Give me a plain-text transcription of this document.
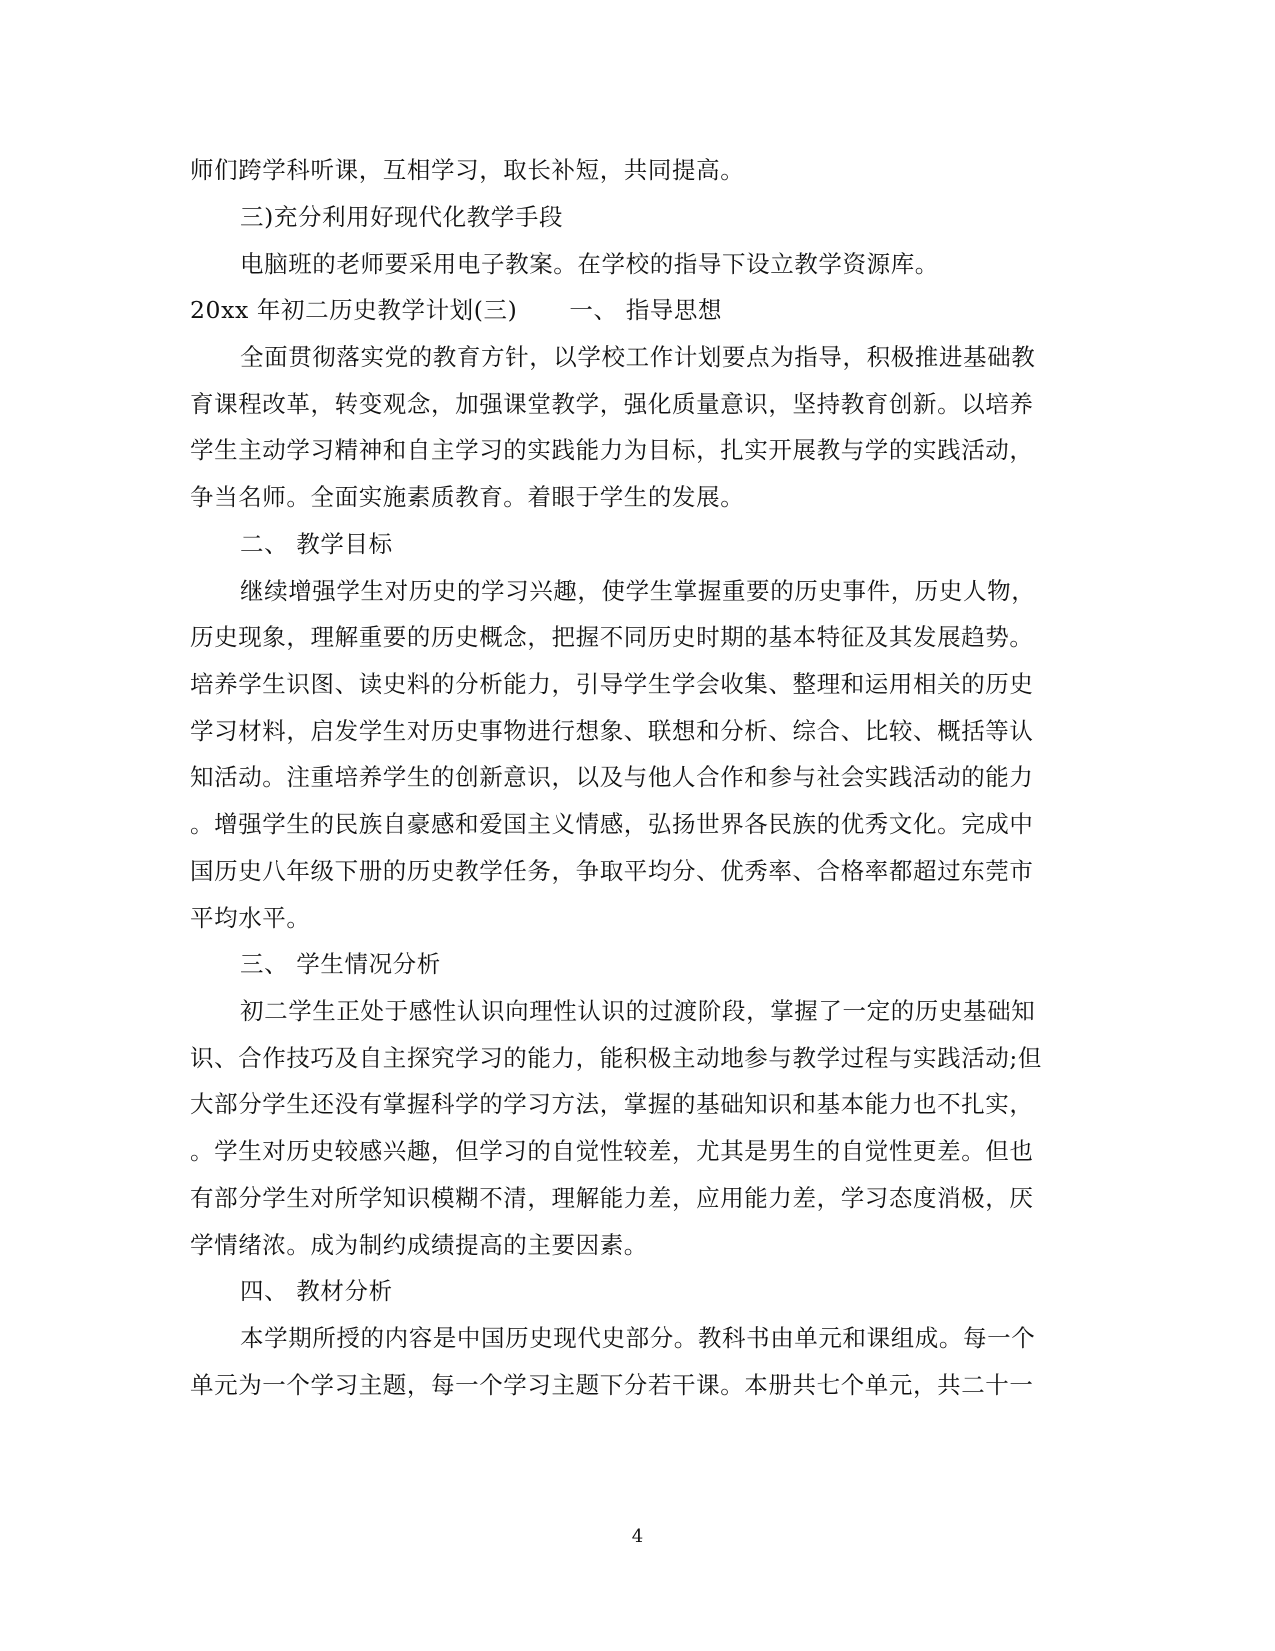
师们跨学科听课，互相学习，取长补短，共同提高。
三)充分利用好现代化教学手段
电脑班的老师要采用电子教案。在学校的指导下设立教学资源库。
20xx 年初二历史教学计划(三) 一、 指导思想
全面贯彻落实党的教育方针，以学校工作计划要点为指导，积极推进基础教
育课程改革，转变观念，加强课堂教学，强化质量意识，坚持教育创新。以培养
学生主动学习精神和自主学习的实践能力为目标，扎实开展教与学的实践活动，
争当名师。全面实施素质教育。着眼于学生的发展。
二、 教学目标
继续增强学生对历史的学习兴趣，使学生掌握重要的历史事件，历史人物，
历史现象，理解重要的历史概念，把握不同历史时期的基本特征及其发展趋势。
培养学生识图、读史料的分析能力，引导学生学会收集、整理和运用相关的历史
学习材料，启发学生对历史事物进行想象、联想和分析、综合、比较、概括等认
知活动。注重培养学生的创新意识，以及与他人合作和参与社会实践活动的能力
。增强学生的民族自豪感和爱国主义情感，弘扬世界各民族的优秀文化。完成中
国历史八年级下册的历史教学任务，争取平均分、优秀率、合格率都超过东莞市
平均水平。
三、 学生情况分析
初二学生正处于感性认识向理性认识的过渡阶段，掌握了一定的历史基础知
识、合作技巧及自主探究学习的能力，能积极主动地参与教学过程与实践活动;但
大部分学生还没有掌握科学的学习方法，掌握的基础知识和基本能力也不扎实，
。学生对历史较感兴趣，但学习的自觉性较差，尤其是男生的自觉性更差。但也
有部分学生对所学知识模糊不清，理解能力差，应用能力差，学习态度消极，厌
学情绪浓。成为制约成绩提高的主要因素。
四、 教材分析
本学期所授的内容是中国历史现代史部分。教科书由单元和课组成。每一个
单元为一个学习主题，每一个学习主题下分若干课。本册共七个单元，共二十一
4
